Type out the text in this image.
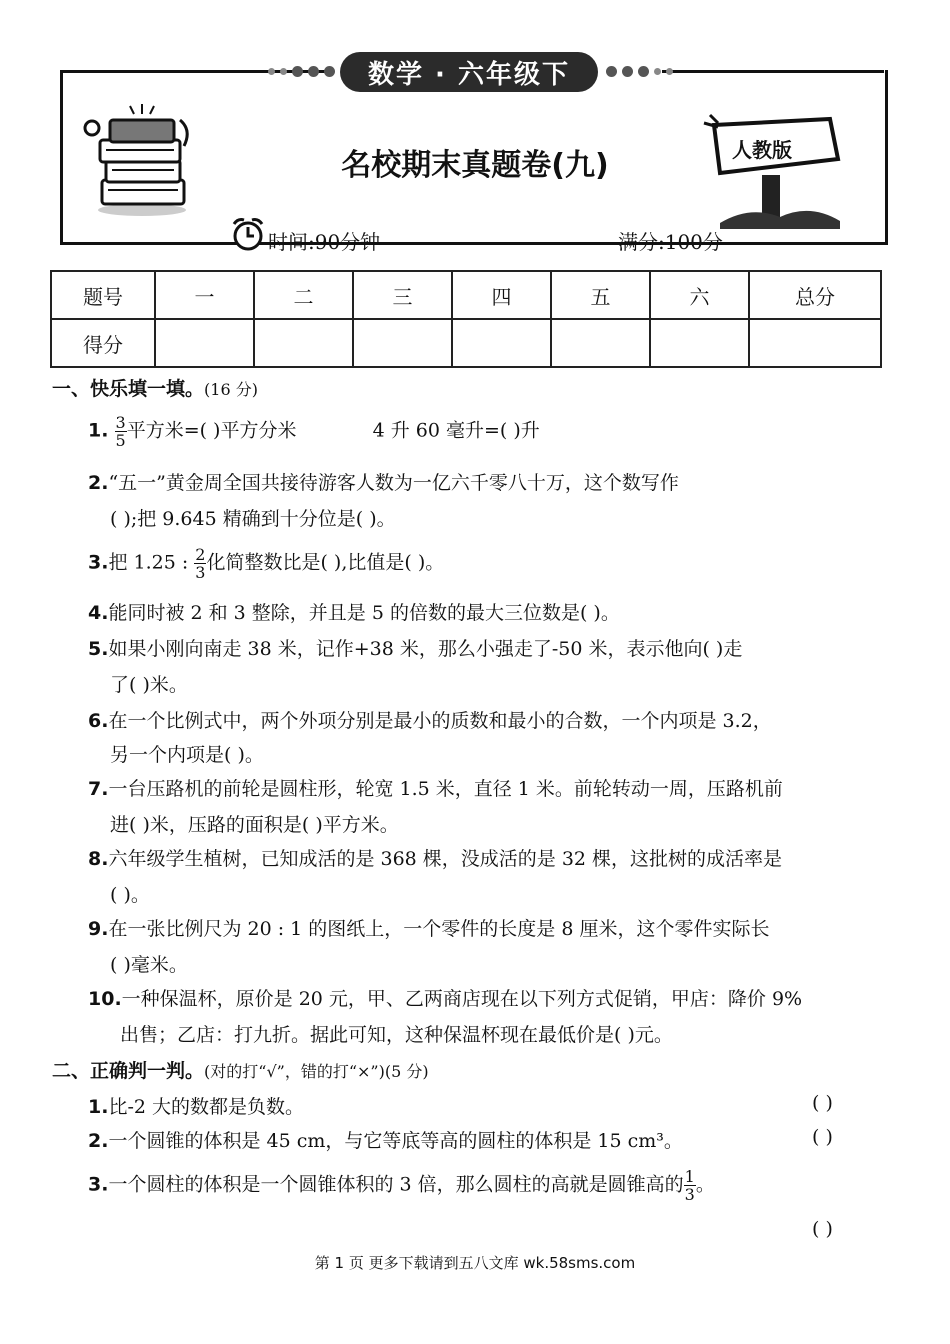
数学 · 六年级下
名校期末真题卷(九)	人教版
时间:90分钟	满分:100分
题号	一	二	三	四	五	六	总分
得分							
一、快乐填一填。(16 分)
1. $\frac{3}{5}$ 平方米=( )平方分米	4 升 60 毫升=( )升
2.“五一”黄金周全国共接待游客人数为一亿六千零八十万，这个数写作
( );把 9.645 精确到十分位是( )。
3.把 1.25 : $\frac{2}{3}$ 化简整数比是( ),比值是( )。
4.能同时被 2 和 3 整除，并且是 5 的倍数的最大三位数是( )。
5.如果小刚向南走 38 米，记作+38 米，那么小强走了-50 米，表示他向( )走
了( )米。
6.在一个比例式中，两个外项分别是最小的质数和最小的合数，一个内项是 3.2，
另一个内项是( )。
7.一台压路机的前轮是圆柱形，轮宽 1.5 米，直径 1 米。前轮转动一周，压路机前
进( )米，压路的面积是( )平方米。
8.六年级学生植树，已知成活的是 368 棵，没成活的是 32 棵，这批树的成活率是
( )。
9.在一张比例尺为 20 : 1 的图纸上，一个零件的长度是 8 厘米，这个零件实际长
( )毫米。
10.一种保温杯，原价是 20 元，甲、乙两商店现在以下列方式促销，甲店：降价 9%
出售；乙店：打九折。据此可知，这种保温杯现在最低价是( )元。
二、正确判一判。(对的打“√”，错的打“×”)(5 分)
1.比-2 大的数都是负数。	( )
2.一个圆锥的体积是 45 cm，与它等底等高的圆柱的体积是 15 cm³。	( )
3.一个圆柱的体积是一个圆锥体积的 3 倍，那么圆柱的高就是圆锥高的 $\frac{1}{3}$ 。
( )
第 1 页 更多下载请到五八文库 wk.58sms.com
